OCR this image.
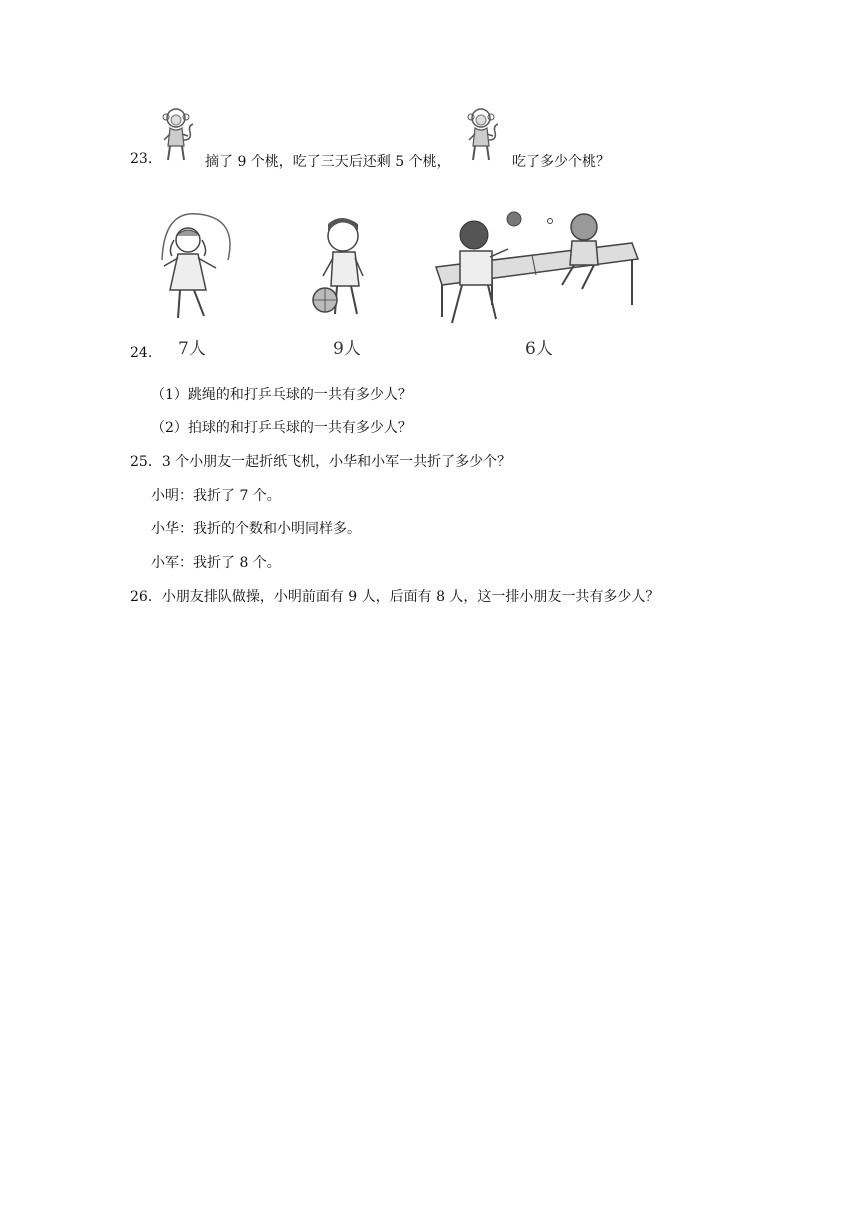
23.	摘了 9 个桃，吃了三天后还剩 5 个桃，	吃了多少个桃？
24. 7人	9人	6人
（1）跳绳的和打乒乓球的一共有多少人？
（2）拍球的和打乒乓球的一共有多少人？
25．3 个小朋友一起折纸飞机，小华和小军一共折了多少个？
小明：我折了 7 个。
小华：我折的个数和小明同样多。
小军：我折了 8 个。
26．小朋友排队做操，小明前面有 9 人，后面有 8 人，这一排小朋友一共有多少人？
